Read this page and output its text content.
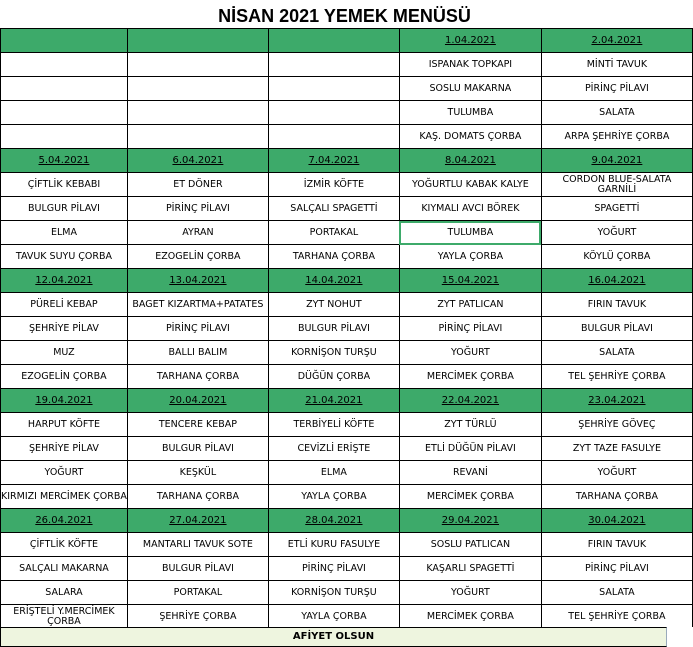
NİSAN 2021 YEMEK MENÜSÜ
			1.04.2021	2.04.2021
			ISPANAK TOPKAPI	MİNTİ TAVUK
			SOSLU MAKARNA	PİRİNÇ PİLAVI
			TULUMBA	SALATA
			KAŞ. DOMATS ÇORBA	ARPA ŞEHRİYE ÇORBA
5.04.2021	6.04.2021	7.04.2021	8.04.2021	9.04.2021
ÇİFTLİK KEBABI	ET DÖNER	İZMİR KÖFTE	YOĞURTLU KABAK KALYE	CORDON BLUE-SALATA GARNİLİ
BULGUR PİLAVI	PİRİNÇ PİLAVI	SALÇALI SPAGETTİ	KIYMALI AVCI BÖREK	SPAGETTİ
ELMA	AYRAN	PORTAKAL	TULUMBA	YOĞURT
TAVUK SUYU ÇORBA	EZOGELİN ÇORBA	TARHANA ÇORBA	YAYLA ÇORBA	KÖYLÜ ÇORBA
12.04.2021	13.04.2021	14.04.2021	15.04.2021	16.04.2021
PÜRELİ KEBAP	BAGET KIZARTMA+PATATES	ZYT NOHUT	ZYT PATLICAN	FIRIN TAVUK
ŞEHRİYE PİLAV	PİRİNÇ PİLAVI	BULGUR PİLAVI	PİRİNÇ PİLAVI	BULGUR PİLAVI
MUZ	BALLI BALIM	KORNİŞON TURŞU	YOĞURT	SALATA
EZOGELİN ÇORBA	TARHANA ÇORBA	DÜĞÜN ÇORBA	MERCİMEK ÇORBA	TEL ŞEHRİYE ÇORBA
19.04.2021	20.04.2021	21.04.2021	22.04.2021	23.04.2021
HARPUT KÖFTE	TENCERE KEBAP	TERBİYELİ KÖFTE	ZYT TÜRLÜ	ŞEHRİYE GÖVEÇ
ŞEHRİYE PİLAV	BULGUR PİLAVI	CEVİZLİ ERİŞTE	ETLİ DÜĞÜN PİLAVI	ZYT TAZE FASULYE
YOĞURT	KEŞKÜL	ELMA	REVANİ	YOĞURT
KIRMIZI MERCİMEK ÇORBA	TARHANA ÇORBA	YAYLA ÇORBA	MERCİMEK ÇORBA	TARHANA ÇORBA
26.04.2021	27.04.2021	28.04.2021	29.04.2021	30.04.2021
ÇİFTLİK KÖFTE	MANTARLI TAVUK SOTE	ETLİ KURU FASULYE	SOSLU PATLICAN	FIRIN TAVUK
SALÇALI MAKARNA	BULGUR PİLAVI	PİRİNÇ PİLAVI	KAŞARLI SPAGETTİ	PİRİNÇ PİLAVI
SALARA	PORTAKAL	KORNİŞON TURŞU	YOĞURT	SALATA
ERİŞTELİ Y.MERCİMEK ÇORBA	ŞEHRİYE ÇORBA	YAYLA ÇORBA	MERCİMEK ÇORBA	TEL ŞEHRİYE ÇORBA
AFİYET OLSUN
